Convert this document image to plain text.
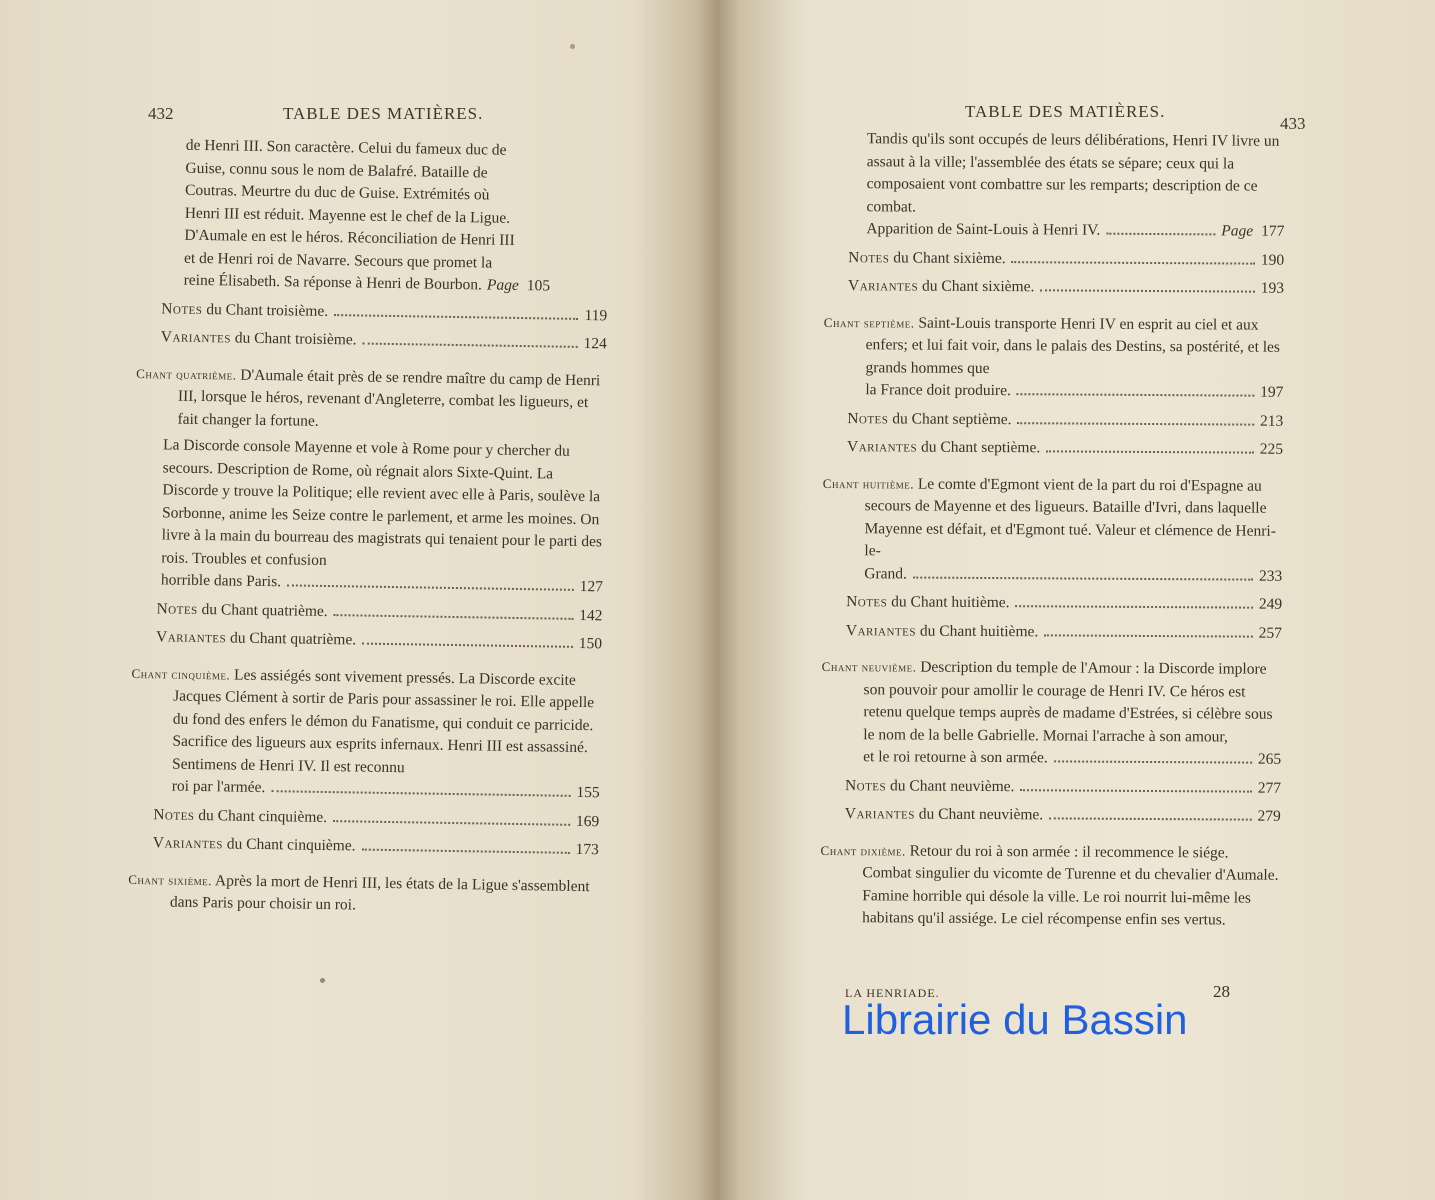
432	TABLE DES MATIÈRES.
de Henri III. Son caractère. Celui du fameux duc de
Guise, connu sous le nom de Balafré. Bataille de
Coutras. Meurtre du duc de Guise. Extrémités où
Henri III est réduit. Mayenne est le chef de la Ligue.
D'Aumale en est le héros. Réconciliation de Henri III
et de Henri roi de Navarre. Secours que promet la
reine Élisabeth. Sa réponse à Henri de Bourbon. Page 105
Notes du Chant troisième.	119
Variantes du Chant troisième.	124
Chant quatrième. D'Aumale était près de se rendre maître du camp de Henri III, lorsque le héros, revenant d'Angleterre, combat les ligueurs, et fait changer la fortune.
La Discorde console Mayenne et vole à Rome pour y chercher du secours. Description de Rome, où régnait alors Sixte-Quint. La Discorde y trouve la Politique; elle revient avec elle à Paris, soulève la Sorbonne, anime les Seize contre le parlement, et arme les moines. On livre à la main du bourreau des magistrats qui tenaient pour le parti des rois. Troubles et confusion
horrible dans Paris.	127
Notes du Chant quatrième.	142
Variantes du Chant quatrième.	150
Chant cinquième. Les assiégés sont vivement pressés. La Discorde excite Jacques Clément à sortir de Paris pour assassiner le roi. Elle appelle du fond des enfers le démon du Fanatisme, qui conduit ce parricide. Sacrifice des ligueurs aux esprits infernaux. Henri III est assassiné. Sentimens de Henri IV. Il est reconnu
roi par l'armée.	155
Notes du Chant cinquième.	169
Variantes du Chant cinquième.	173
Chant sixième. Après la mort de Henri III, les états de la Ligue s'assemblent dans Paris pour choisir un roi.
TABLE DES MATIÈRES.
433
Tandis qu'ils sont occupés de leurs délibérations, Henri IV livre un assaut à la ville; l'assemblée des états se sépare; ceux qui la composaient vont combattre sur les remparts; description de ce combat.
Apparition de Saint-Louis à Henri IV.	Page 177
Notes du Chant sixième.	190
Variantes du Chant sixième.	193
Chant septième. Saint-Louis transporte Henri IV en esprit au ciel et aux enfers; et lui fait voir, dans le palais des Destins, sa postérité, et les grands hommes que
la France doit produire.	197
Notes du Chant septième.	213
Variantes du Chant septième.	225
Chant huitième. Le comte d'Egmont vient de la part du roi d'Espagne au secours de Mayenne et des ligueurs. Bataille d'Ivri, dans laquelle Mayenne est défait, et d'Egmont tué. Valeur et clémence de Henri-le-
Grand.	233
Notes du Chant huitième.	249
Variantes du Chant huitième.	257
Chant neuvième. Description du temple de l'Amour : la Discorde implore son pouvoir pour amollir le courage de Henri IV. Ce héros est retenu quelque temps auprès de madame d'Estrées, si célèbre sous le nom de la belle Gabrielle. Mornai l'arrache à son amour,
et le roi retourne à son armée.	265
Notes du Chant neuvième.	277
Variantes du Chant neuvième.	279
Chant dixième. Retour du roi à son armée : il recommence le siége. Combat singulier du vicomte de Turenne et du chevalier d'Aumale. Famine horrible qui désole la ville. Le roi nourrit lui-même les habitans qu'il assiége. Le ciel récompense enfin ses vertus.
LA HENRIADE.	28
Librairie du Bassin
